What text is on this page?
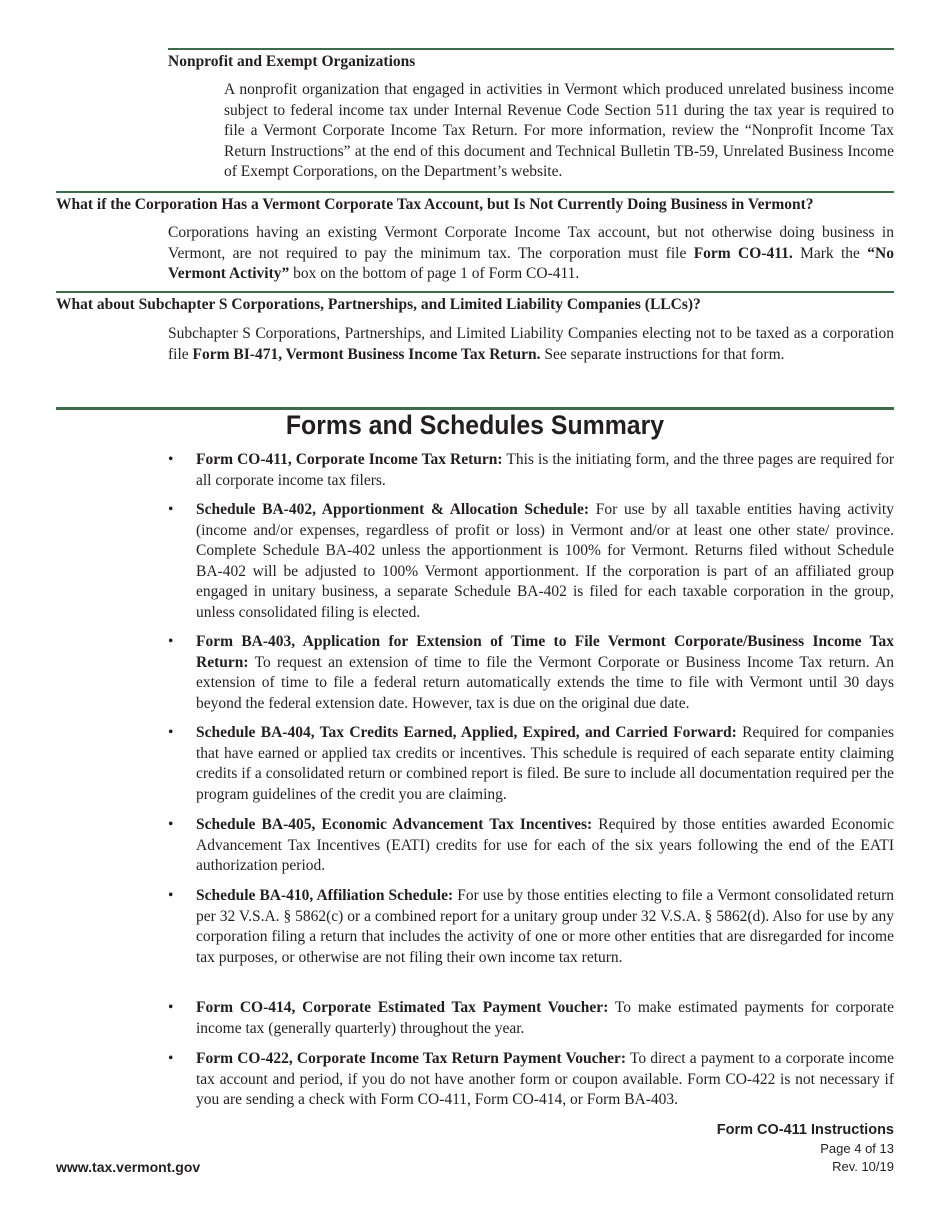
Nonprofit and Exempt Organizations

A nonprofit organization that engaged in activities in Vermont which produced unrelated business income subject to federal income tax under Internal Revenue Code Section 511 during the tax year is required to file a Vermont Corporate Income Tax Return. For more information, review the “Nonprofit Income Tax Return Instructions” at the end of this document and Technical Bulletin TB-59, Unrelated Business Income of Exempt Corporations, on the Department’s website.

What if the Corporation Has a Vermont Corporate Tax Account, but Is Not Currently Doing Business in Vermont?

Corporations having an existing Vermont Corporate Income Tax account, but not otherwise doing business in Vermont, are not required to pay the minimum tax. The corporation must file Form CO-411. Mark the “No Vermont Activity” box on the bottom of page 1 of Form CO-411.

What about Subchapter S Corporations, Partnerships, and Limited Liability Companies (LLCs)?

Subchapter S Corporations, Partnerships, and Limited Liability Companies electing not to be taxed as a corporation file Form BI-471, Vermont Business Income Tax Return. See separate instructions for that form.

Forms and Schedules Summary
• Form CO-411, Corporate Income Tax Return: This is the initiating form, and the three pages are required for all corporate income tax filers.

• Schedule BA-402, Apportionment & Allocation Schedule: For use by all taxable entities having activity (income and/or expenses, regardless of profit or loss) in Vermont and/or at least one other state/ province. Complete Schedule BA-402 unless the apportionment is 100% for Vermont. Returns filed without Schedule BA-402 will be adjusted to 100% Vermont apportionment. If the corporation is part of an affiliated group engaged in unitary business, a separate Schedule BA-402 is filed for each taxable corporation in the group, unless consolidated filing is elected.

• Form BA-403, Application for Extension of Time to File Vermont Corporate/Business Income Tax Return: To request an extension of time to file the Vermont Corporate or Business Income Tax return. An extension of time to file a federal return automatically extends the time to file with Vermont until 30 days beyond the federal extension date. However, tax is due on the original due date.

• Schedule BA-404, Tax Credits Earned, Applied, Expired, and Carried Forward: Required for companies that have earned or applied tax credits or incentives. This schedule is required of each separate entity claiming credits if a consolidated return or combined report is filed. Be sure to include all documentation required per the program guidelines of the credit you are claiming.

• Schedule BA-405, Economic Advancement Tax Incentives: Required by those entities awarded Economic Advancement Tax Incentives (EATI) credits for use for each of the six years following the end of the EATI authorization period.

• Schedule BA-410, Affiliation Schedule: For use by those entities electing to file a Vermont consolidated return per 32 V.S.A. § 5862(c) or a combined report for a unitary group under 32 V.S.A. § 5862(d). Also for use by any corporation filing a return that includes the activity of one or more other entities that are disregarded for income tax purposes, or otherwise are not filing their own income tax return.

• Form CO-414, Corporate Estimated Tax Payment Voucher: To make estimated payments for corporate income tax (generally quarterly) throughout the year.

• Form CO-422, Corporate Income Tax Return Payment Voucher: To direct a payment to a corporate income tax account and period, if you do not have another form or coupon available. Form CO-422 is not necessary if you are sending a check with Form CO-411, Form CO-414, or Form BA-403.

Form CO-411 Instructions
Page 4 of 13
Rev. 10/19
www.tax.vermont.gov
